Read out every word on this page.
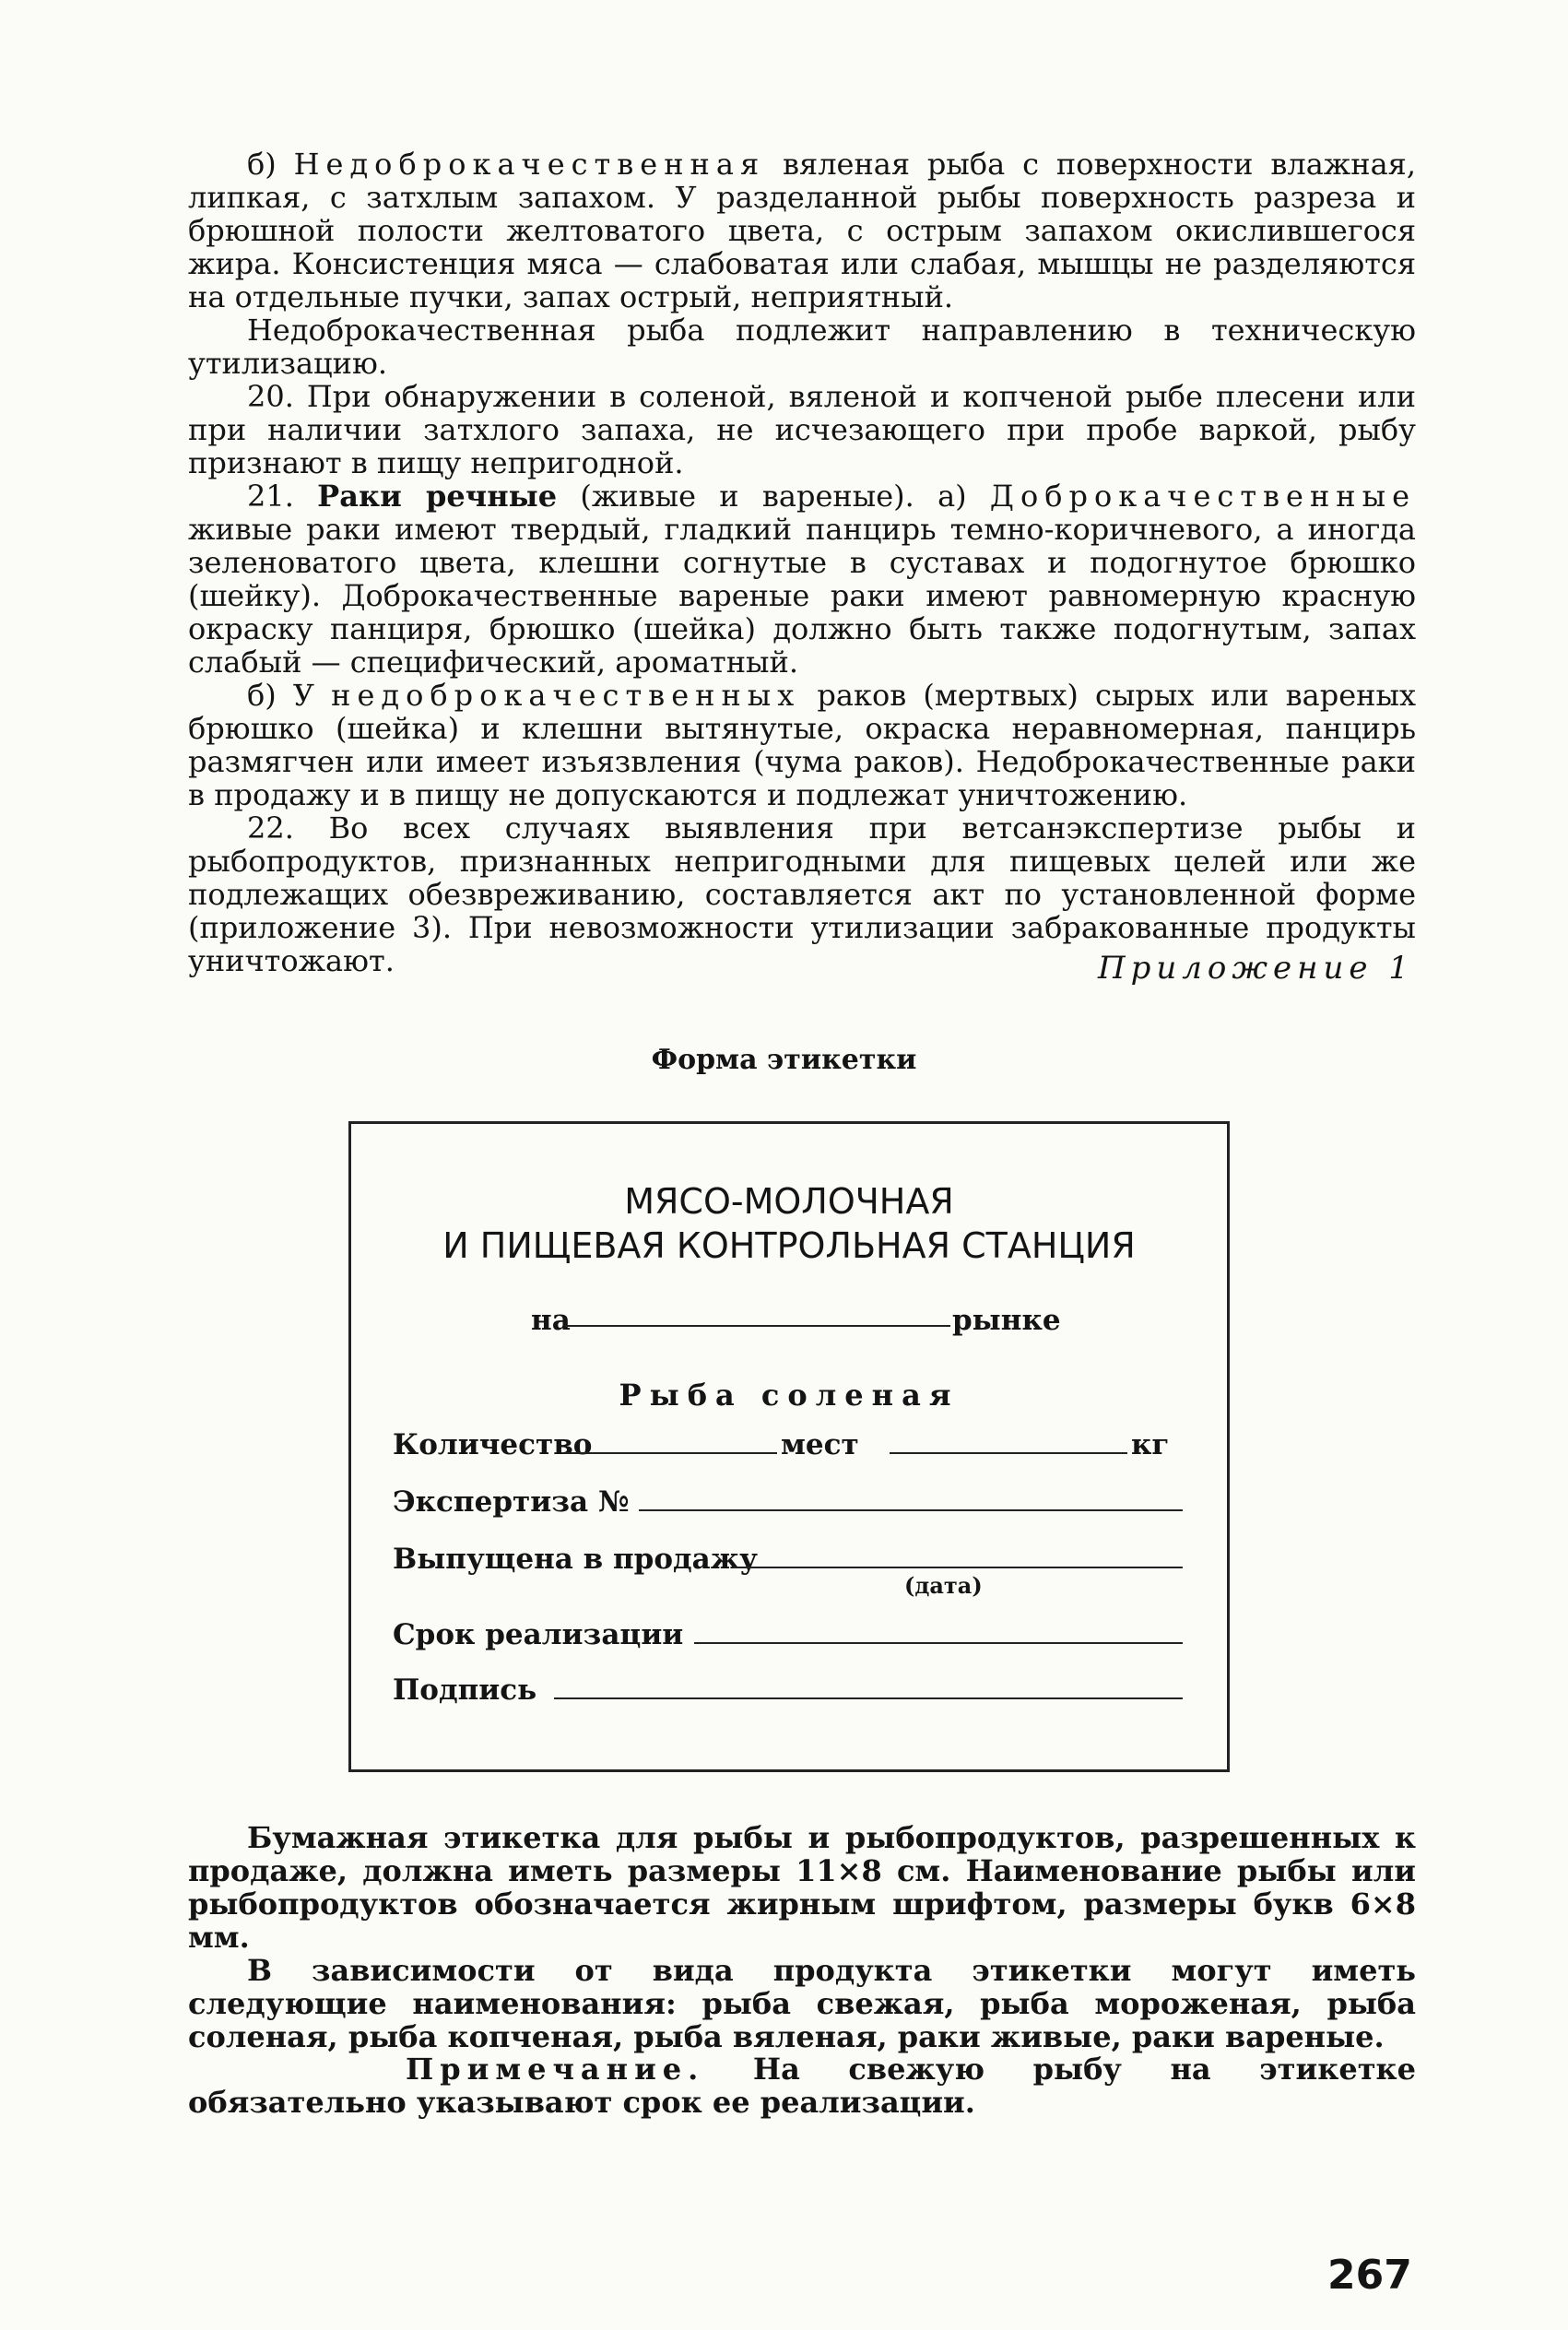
б) Недоброкачественная вяленая рыба с поверхности влажная, липкая, с затхлым запахом. У разделанной рыбы поверхность разреза и брюшной полости желтоватого цвета, с острым запахом окислившегося жира. Консистенция мяса — слабоватая или слабая, мышцы не разделяются на отдельные пучки, запах острый, неприятный.

Недоброкачественная рыба подлежит направлению в техническую утилизацию.

20. При обнаружении в соленой, вяленой и копченой рыбе плесени или при наличии затхлого запаха, не исчезающего при пробе варкой, рыбу признают в пищу непригодной.

21. Раки речные (живые и вареные). а) Доброкачественные живые раки имеют твердый, гладкий панцирь темно-коричневого, а иногда зеленоватого цвета, клешни согнутые в суставах и подогнутое брюшко (шейку). Доброкачественные вареные раки имеют равномерную красную окраску панциря, брюшко (шейка) должно быть также подогнутым, запах слабый — специфический, ароматный.

б) У недоброкачественных раков (мертвых) сырых или вареных брюшко (шейка) и клешни вытянутые, окраска неравномерная, панцирь размягчен или имеет изъязвления (чума раков). Недоброкачественные раки в продажу и в пищу не допускаются и подлежат уничтожению.

22. Во всех случаях выявления при ветсанэкспертизе рыбы и рыбопродуктов, признанных непригодными для пищевых целей или же подлежащих обезвреживанию, составляется акт по установленной форме (приложение 3). При невозможности утилизации забракованные продукты уничтожают.	Приложение 1
Форма этикетки
МЯСО-МОЛОЧНАЯ
И ПИЩЕВАЯ КОНТРОЛЬНАЯ СТАНЦИЯ
на	рынке
Рыба соленая
Количество	мест	кг
Экспертиза №
Выпущена в продажу
(дата)
Срок реализации
Подпись

Бумажная этикетка для рыбы и рыбопродуктов, разрешенных к продаже, должна иметь размеры 11×8 см. Наименование рыбы или рыбопродуктов обозначается жирным шрифтом, размеры букв 6×8 мм.

В зависимости от вида продукта этикетки могут иметь следующие наименования: рыба свежая, рыба мороженая, рыба соленая, рыба копченая, рыба вяленая, раки живые, раки вареные.

Примечание. На свежую рыбу на этикетке обязательно указывают срок ее реализации.

267
